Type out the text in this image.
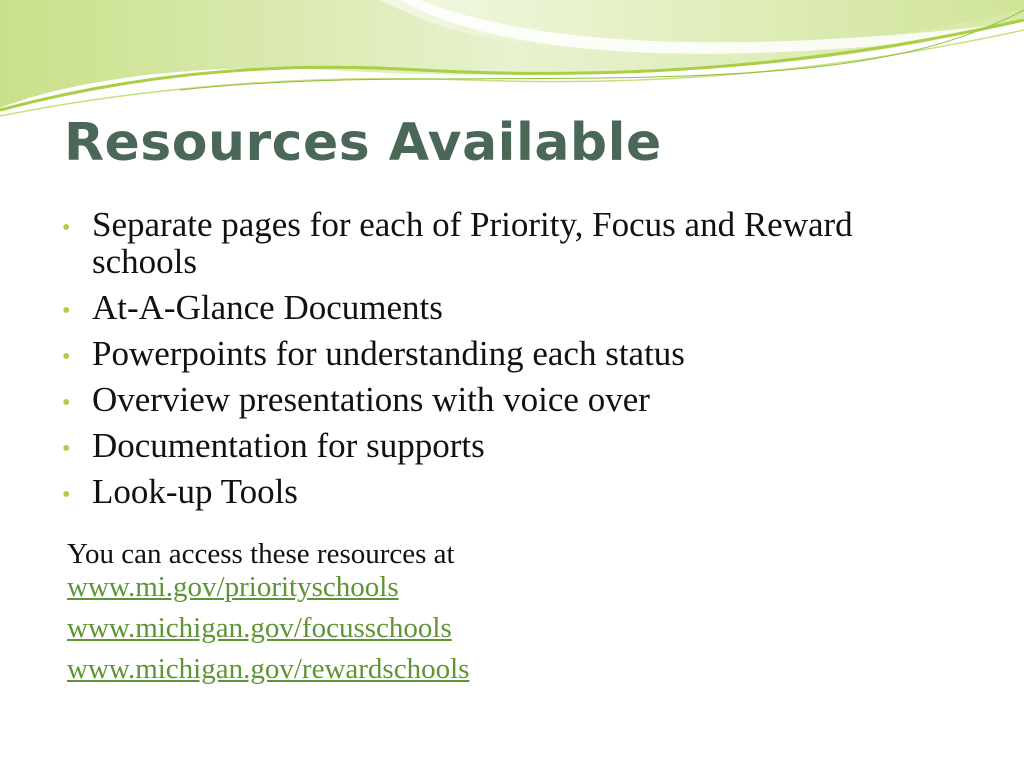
Resources Available
• Separate pages for each of Priority, Focus and Reward schools
• At-A-Glance Documents
• Powerpoints for understanding each status
• Overview presentations with voice over
• Documentation for supports
• Look-up Tools
You can access these resources at
www.mi.gov/priorityschools
www.michigan.gov/focusschools
www.michigan.gov/rewardschools
